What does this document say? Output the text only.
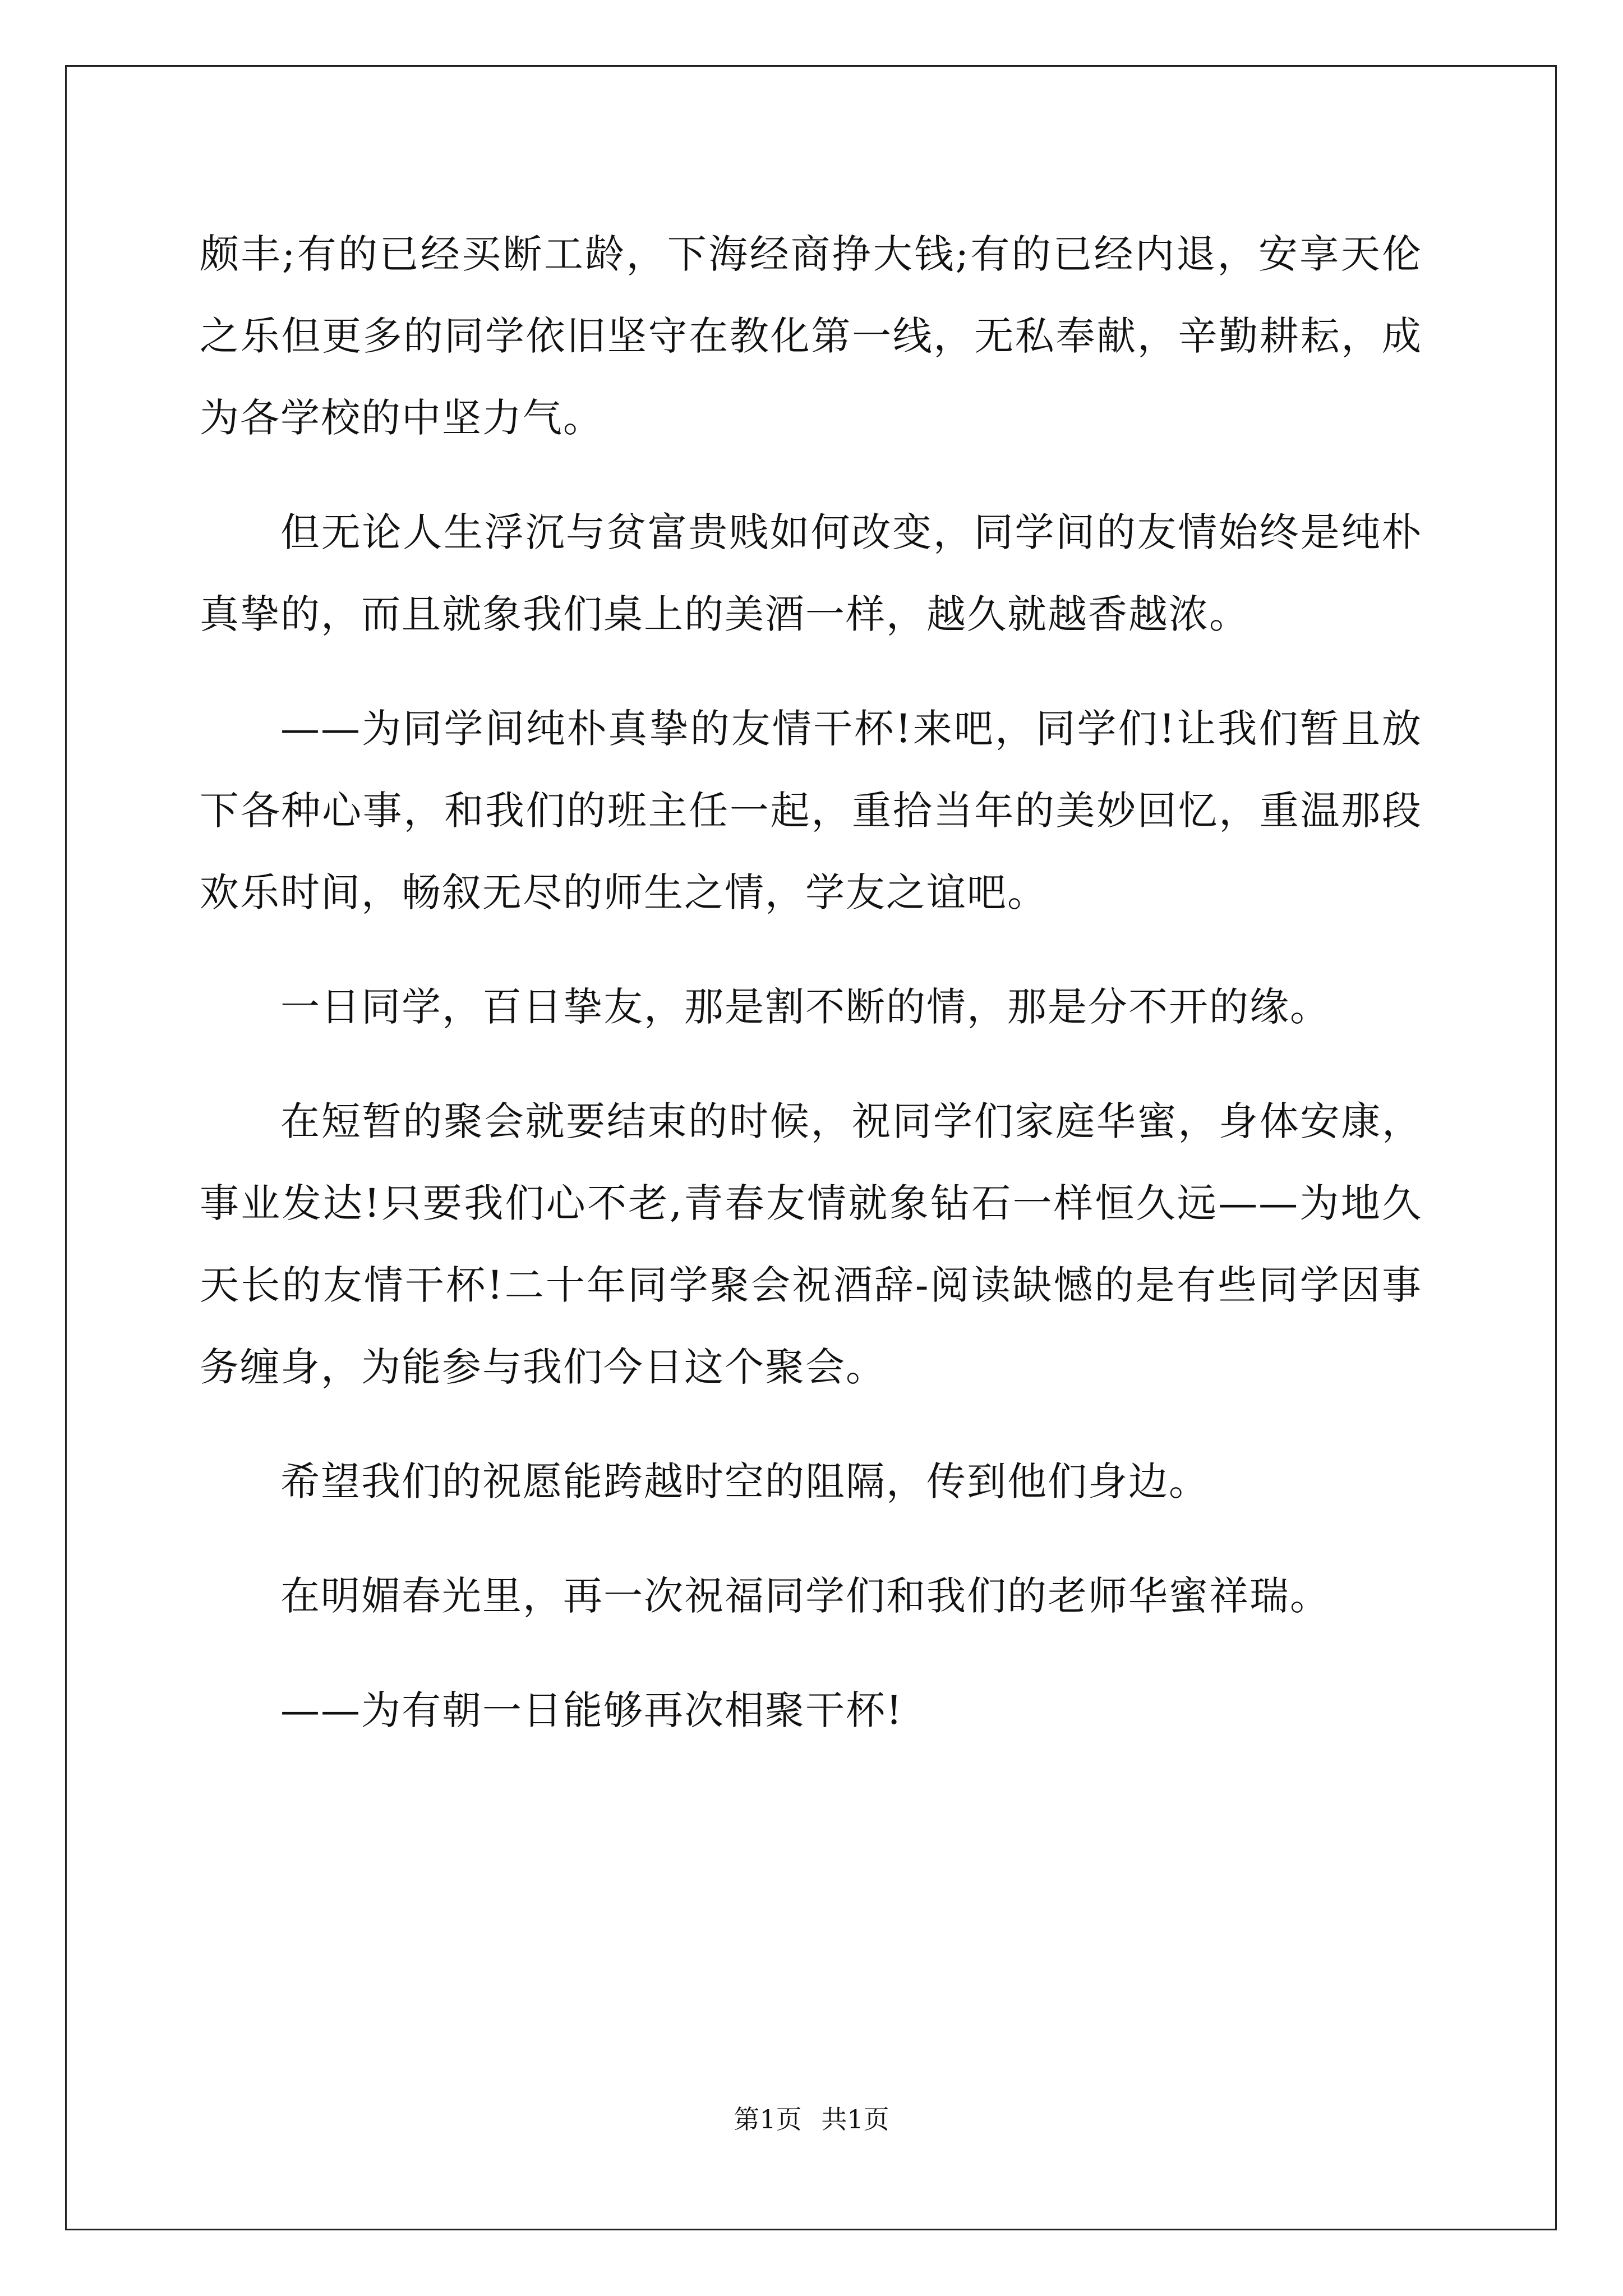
颇丰;有的已经买断工龄，下海经商挣大钱;有的已经内退，安享天伦之乐但更多的同学依旧坚守在教化第一线，无私奉献，辛勤耕耘，成为各学校的中坚力气。

但无论人生浮沉与贫富贵贱如何改变，同学间的友情始终是纯朴真挚的，而且就象我们桌上的美酒一样，越久就越香越浓。

——为同学间纯朴真挚的友情干杯!来吧，同学们!让我们暂且放下各种心事，和我们的班主任一起，重拾当年的美妙回忆，重温那段欢乐时间，畅叙无尽的师生之情，学友之谊吧。

一日同学，百日挚友，那是割不断的情，那是分不开的缘。

在短暂的聚会就要结束的时候，祝同学们家庭华蜜，身体安康，事业发达!只要我们心不老,青春友情就象钻石一样恒久远——为地久天长的友情干杯!二十年同学聚会祝酒辞-阅读缺憾的是有些同学因事务缠身，为能参与我们今日这个聚会。

希望我们的祝愿能跨越时空的阻隔，传到他们身边。

在明媚春光里，再一次祝福同学们和我们的老师华蜜祥瑞。

——为有朝一日能够再次相聚干杯!

第1页 共1页
